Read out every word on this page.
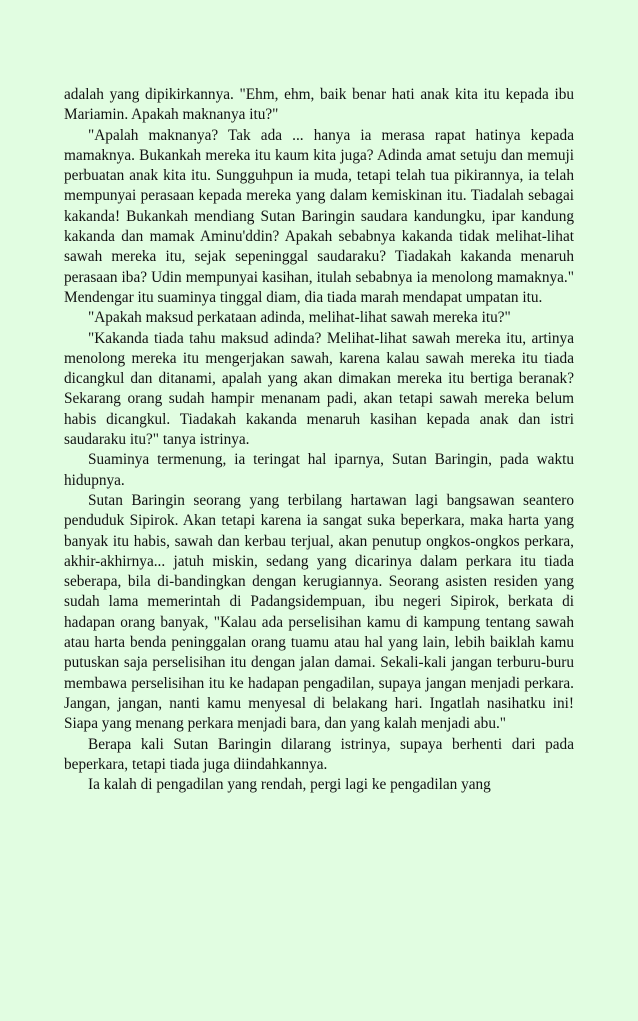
adalah yang dipikirkannya. "Ehm, ehm, baik benar hati anak kita itu kepada ibu Mariamin. Apakah maknanya itu?"

"Apalah maknanya? Tak ada ... hanya ia merasa rapat hatinya kepada mamaknya. Bukankah mereka itu kaum kita juga? Adinda amat setuju dan memuji perbuatan anak kita itu. Sungguhpun ia muda, tetapi telah tua pikirannya, ia telah mempunyai perasaan kepada mereka yang dalam kemiskinan itu. Tiadalah sebagai kakanda! Bukankah mendiang Sutan Baringin saudara kandungku, ipar kandung kakanda dan mamak Aminu'ddin? Apakah sebabnya kakanda tidak melihat-lihat sawah mereka itu, sejak sepeninggal saudaraku? Tiadakah kakanda menaruh perasaan iba? Udin mempunyai kasihan, itulah sebabnya ia menolong mamaknya." Mendengar itu suaminya tinggal diam, dia tiada marah mendapat umpatan itu.

"Apakah maksud perkataan adinda, melihat-lihat sawah mereka itu?"

"Kakanda tiada tahu maksud adinda? Melihat-lihat sawah mereka itu, artinya menolong mereka itu mengerjakan sawah, karena kalau sawah mereka itu tiada dicangkul dan ditanami, apalah yang akan dimakan mereka itu bertiga beranak? Sekarang orang sudah hampir menanam padi, akan tetapi sawah mereka belum habis dicangkul. Tiadakah kakanda menaruh kasihan kepada anak dan istri saudaraku itu?" tanya istrinya.

Suaminya termenung, ia teringat hal iparnya, Sutan Baringin, pada waktu hidupnya.

Sutan Baringin seorang yang terbilang hartawan lagi bangsawan seantero penduduk Sipirok. Akan tetapi karena ia sangat suka beperkara, maka harta yang banyak itu habis, sawah dan kerbau terjual, akan penutup ongkos-ongkos perkara, akhir-akhirnya... jatuh miskin, sedang yang dicarinya dalam perkara itu tiada seberapa, bila di-bandingkan dengan kerugiannya. Seorang asisten residen yang sudah lama memerintah di Padangsidempuan, ibu negeri Sipirok, berkata di hadapan orang banyak, "Kalau ada perselisihan kamu di kampung tentang sawah atau harta benda peninggalan orang tuamu atau hal yang lain, lebih baiklah kamu putuskan saja perselisihan itu dengan jalan damai. Sekali-kali jangan terburu-buru membawa perselisihan itu ke hadapan pengadilan, supaya jangan menjadi perkara. Jangan, jangan, nanti kamu menyesal di belakang hari. Ingatlah nasihatku ini! Siapa yang menang perkara menjadi bara, dan yang kalah menjadi abu."

Berapa kali Sutan Baringin dilarang istrinya, supaya berhenti dari pada beperkara, tetapi tiada juga diindahkannya.

Ia kalah di pengadilan yang rendah, pergi lagi ke pengadilan yang
